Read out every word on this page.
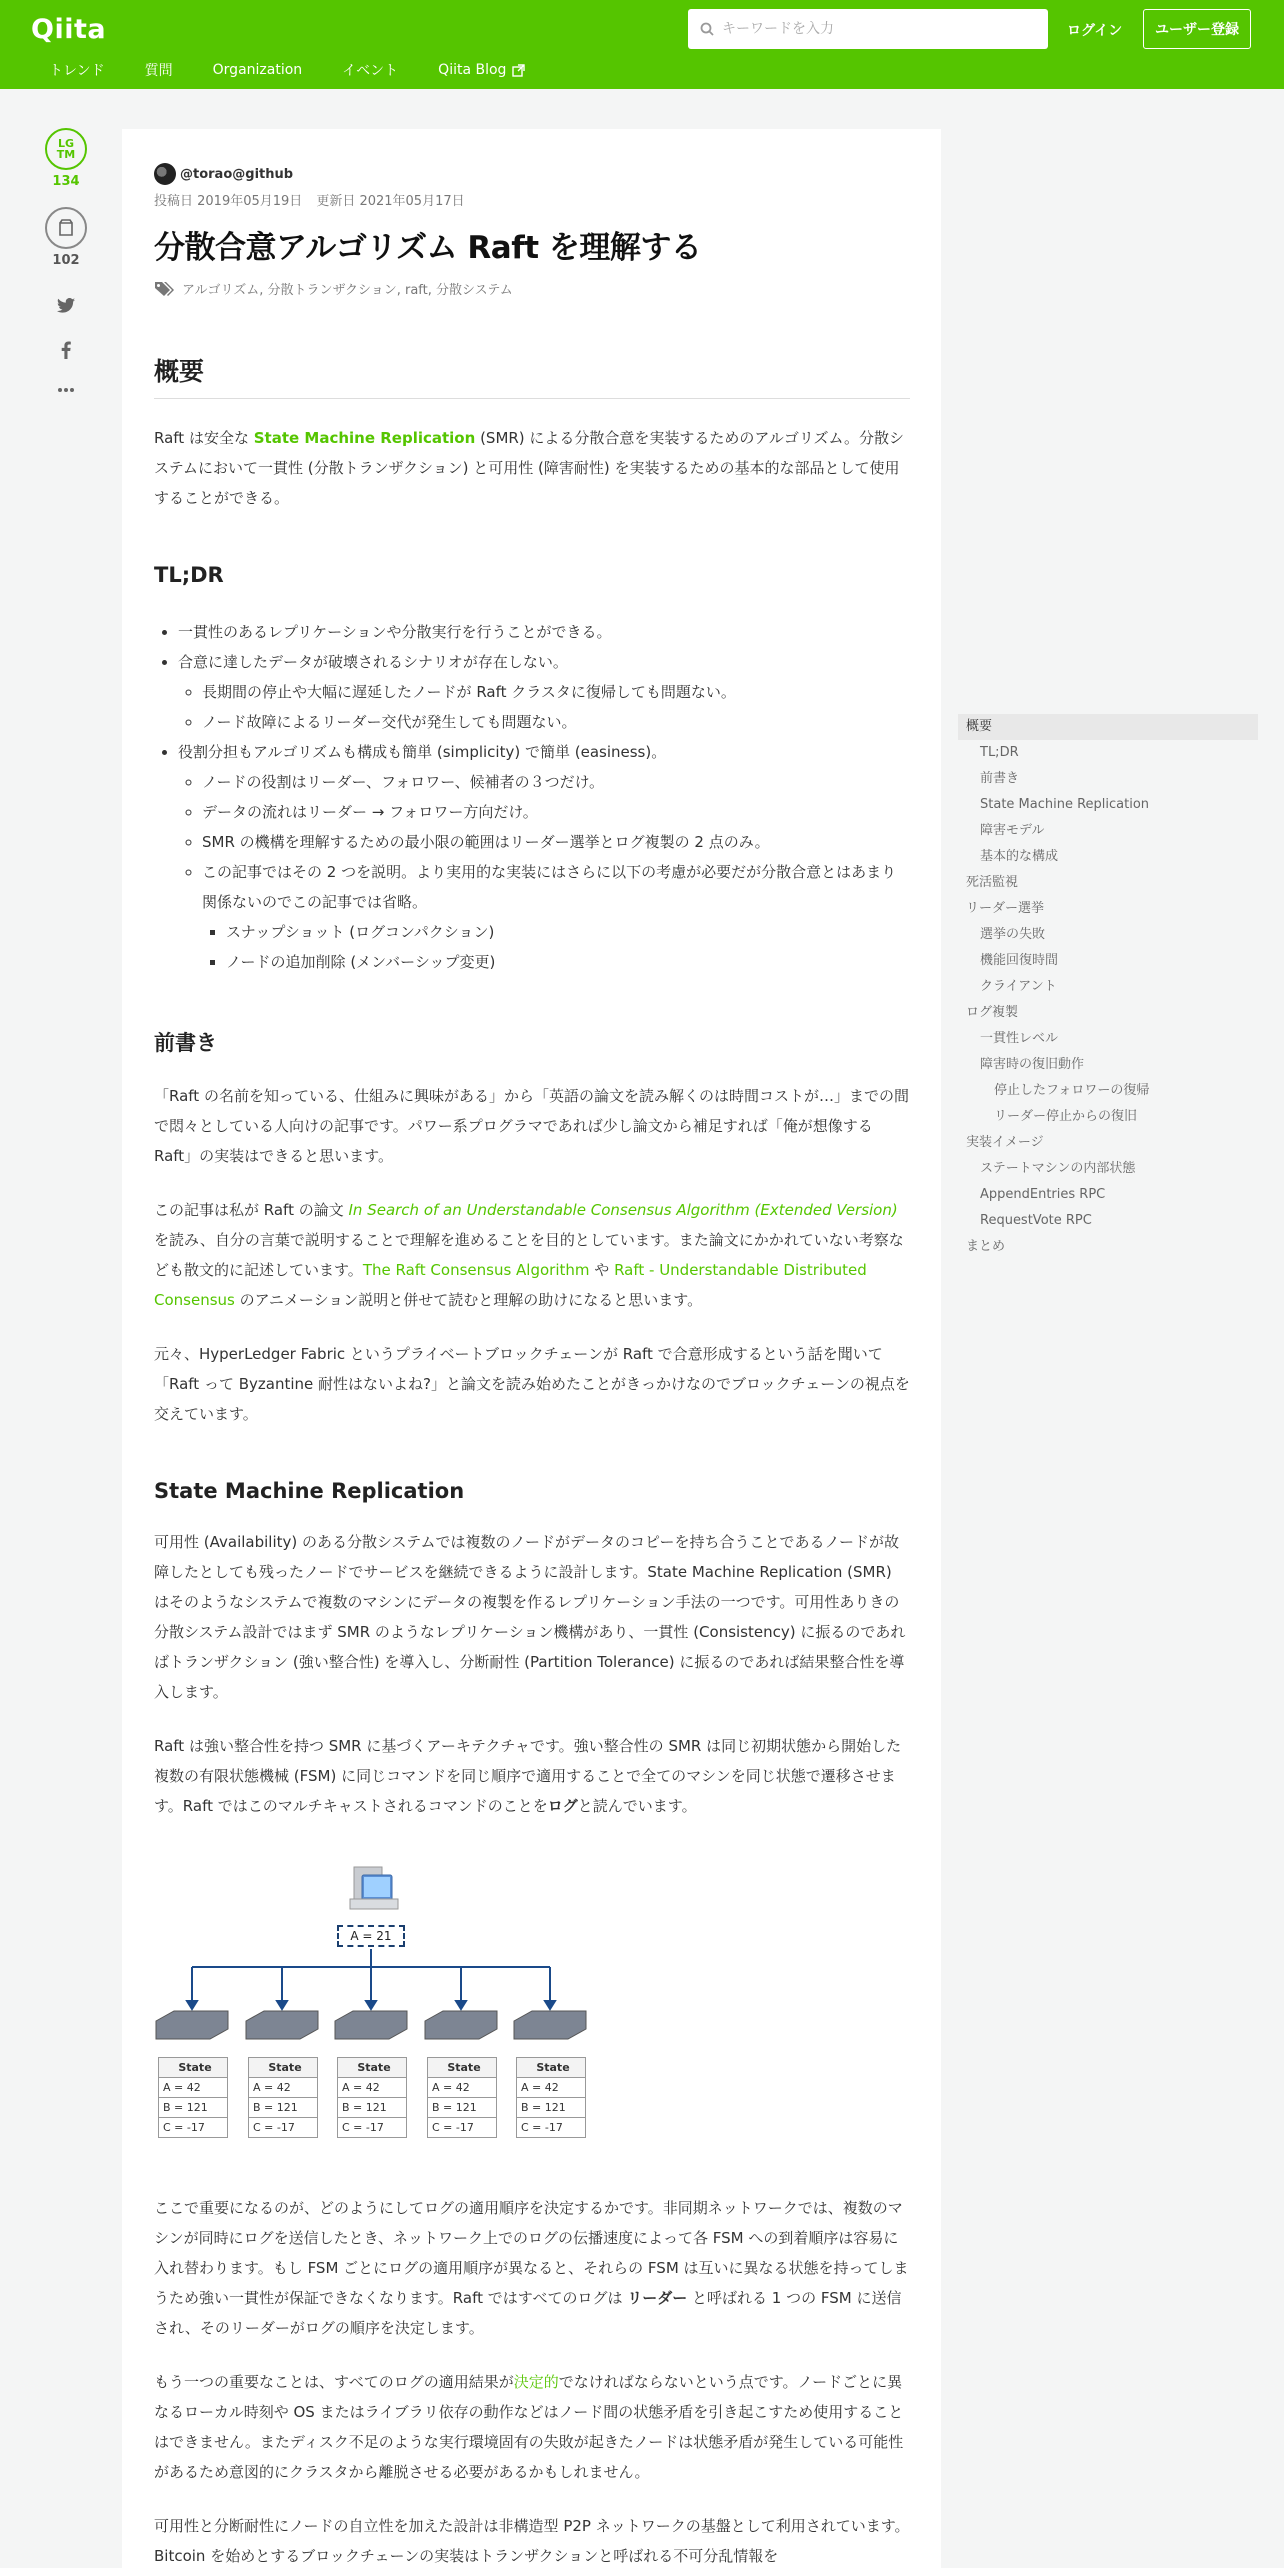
Qiita
トレンド	質問	Organization	イベント	Qiita Blog
キーワードを入力
ログイン	ユーザー登録
LG TM
134
102
@torao@github
投稿日 2019年05月19日 更新日 2021年05月17日
分散合意アルゴリズム Raft を理解する
アルゴリズム, 分散トランザクション, raft, 分散システム
概要

Raft は安全な State Machine Replication (SMR) による分散合意を実装するためのアルゴリズム。分散システムにおいて一貫性 (分散トランザクション) と可用性 (障害耐性) を実装するための基本的な部品として使用することができる。

TL;DR
• 一貫性のあるレプリケーションや分散実行を行うことができる。
• 合意に達したデータが破壊されるシナリオが存在しない。
◦ 長期間の停止や大幅に遅延したノードが Raft クラスタに復帰しても問題ない。
◦ ノード故障によるリーダー交代が発生しても問題ない。
• 役割分担もアルゴリズムも構成も簡単 (simplicity) で簡単 (easiness)。
◦ ノードの役割はリーダー、フォロワー、候補者の３つだけ。
◦ データの流れはリーダー → フォロワー方向だけ。
◦ SMR の機構を理解するための最小限の範囲はリーダー選挙とログ複製の 2 点のみ。
◦ この記事ではその 2 つを説明。より実用的な実装にはさらに以下の考慮が必要だが分散合意とはあまり関係ないのでこの記事では省略。
▪ スナップショット (ログコンパクション)
▪ ノードの追加削除 (メンバーシップ変更)
前書き

「Raft の名前を知っている、仕組みに興味がある」から「英語の論文を読み解くのは時間コストが…」までの間で悶々としている人向けの記事です。パワー系プログラマであれば少し論文から補足すれば「俺が想像する Raft」の実装はできると思います。

この記事は私が Raft の論文 In Search of an Understandable Consensus Algorithm (Extended Version) を読み、自分の言葉で説明することで理解を進めることを目的としています。また論文にかかれていない考察なども散文的に記述しています。The Raft Consensus Algorithm や Raft - Understandable Distributed Consensus のアニメーション説明と併せて読むと理解の助けになると思います。

元々、HyperLedger Fabric というプライベートブロックチェーンが Raft で合意形成するという話を聞いて「Raft って Byzantine 耐性はないよね?」と論文を読み始めたことがきっかけなのでブロックチェーンの視点を交えています。

State Machine Replication

可用性 (Availability) のある分散システムでは複数のノードがデータのコピーを持ち合うことであるノードが故障したとしても残ったノードでサービスを継続できるように設計します。State Machine Replication (SMR) はそのようなシステムで複数のマシンにデータの複製を作るレプリケーション手法の一つです。可用性ありきの分散システム設計ではまず SMR のようなレプリケーション機構があり、一貫性 (Consistency) に振るのであればトランザクション (強い整合性) を導入し、分断耐性 (Partition Tolerance) に振るのであれば結果整合性を導入します。

Raft は強い整合性を持つ SMR に基づくアーキテクチャです。強い整合性の SMR は同じ初期状態から開始した複数の有限状態機械 (FSM) に同じコマンドを同じ順序で適用することで全てのマシンを同じ状態で遷移させます。Raft ではこのマルチキャストされるコマンドのことをログと読んでいます。

A = 21
State
A = 42
B = 121
C = -17
State
A = 42
B = 121
C = -17
State
A = 42
B = 121
C = -17
State
A = 42
B = 121
C = -17
State
A = 42
B = 121
C = -17

ここで重要になるのが、どのようにしてログの適用順序を決定するかです。非同期ネットワークでは、複数のマシンが同時にログを送信したとき、ネットワーク上でのログの伝播速度によって各 FSM への到着順序は容易に入れ替わります。もし FSM ごとにログの適用順序が異なると、それらの FSM は互いに異なる状態を持ってしまうため強い一貫性が保証できなくなります。Raft ではすべてのログは リーダー と呼ばれる 1 つの FSM に送信され、そのリーダーがログの順序を決定します。

もう一つの重要なことは、すべてのログの適用結果が決定的でなければならないという点です。ノードごとに異なるローカル時刻や OS またはライブラリ依存の動作などはノード間の状態矛盾を引き起こすため使用することはできません。またディスク不足のような実行環境固有の失敗が起きたノードは状態矛盾が発生している可能性があるため意図的にクラスタから離脱させる必要があるかもしれません。

可用性と分断耐性にノードの自立性を加えた設計は非構造型 P2P ネットワークの基盤として利用されています。Bitcoin を始めとするブロックチェーンの実装はトランザクションと呼ばれる不可分乱情報を

概要
TL;DR
前書き
State Machine Replication
障害モデル
基本的な構成
死活監視
リーダー選挙
選挙の失敗
機能回復時間
クライアント
ログ複製
一貫性レベル
障害時の復旧動作
停止したフォロワーの復帰
リーダー停止からの復旧
実装イメージ
ステートマシンの内部状態
AppendEntries RPC
RequestVote RPC
まとめ
